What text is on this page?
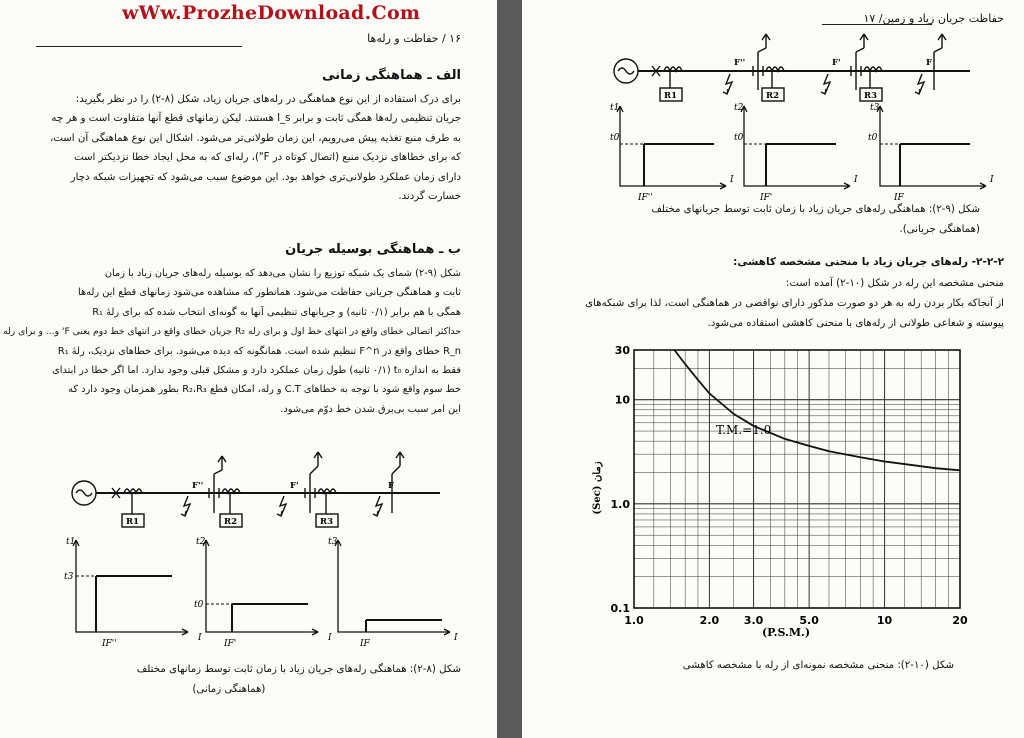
wWw.ProzheDownload.Com
۱۶ / حفاظت و رله‌ها
الف ـ هماهنگی زمانی

برای درک استفاده از این نوع هماهنگی در رله‌های جریان زیاد، شکل (۸-۲) را در نظر بگیرید:

جریان تنظیمی رله‌ها همگی ثابت و برابر I_s هستند. لیکن زمانهای قطع آنها متفاوت است و هر چه

به طرف منبع تغذیه پیش می‌رویم، این زمان طولانی‌تر می‌شود. اشکال این نوع هماهنگی آن است،

که برای خطاهای نزدیک منبع (اتصال کوتاه در F")، رله‌ای که به محل ایجاد خطا نزدیکتر است

دارای زمان عملکرد طولانی‌تری خواهد بود. این موضوع سبب می‌شود که تجهیزات شبکه دچار

خسارت گردند.

ب ـ هماهنگی بوسیله جریان

شکل (۹-۲) شمای یک شبکه توزیع را نشان می‌دهد که بوسیله رله‌های جریان زیاد با زمان

ثابت و هماهنگی جریانی حفاظت می‌شود. همانطور که مشاهده می‌شود زمانهای قطع این رله‌ها

همگی با هم برابر (۰/۱ ثانیه) و جریانهای تنظیمی آنها به گونه‌ای انتخاب شده که برای رلهٔ R₁

حداکثر اتصالی خطای واقع در انتهای خط اول و برای رله R₂ جریان خطای واقع در انتهای خط دوم یعنی F' و... و برای رله

R_n خطای واقع در F^n تنظیم شده است. همانگونه که دیده می‌شود. برای خطاهای نزدیک، رلهٔ R₁

فقط به اندازه t₀ (۰/۱ ثانیه) طول زمان عملکرد دارد و مشکل قبلی وجود ندارد. اما اگر خطا در ابتدای

خط سوم واقع شود با توجه به خطاهای C.T و رله، امکان قطع R₂،R₃ بطور همزمان وجود دارد که

این امر سبب بی‌برق شدن خط دوّم می‌شود.

R1	R2	R3
F''	F'	F
t1	t2	t3
t3
t0
IF''	IF'	IF
I	I	I

شکل (۸-۲): هماهنگی رله‌های جریان زیاد با زمان ثابت توسط زمانهای مختلف

(هماهنگی زمانی)

حفاظت جریان زیاد و زمین/ ۱۷
R1	R2	R3
F''	F'	F
t1	t2	t3
t0	t0	t0
IF''	IF'	IF
I	I	I

شکل (۹-۲): هماهنگی رله‌های جریان زیاد با زمان ثابت توسط جریانهای مختلف

(هماهنگی جریانی).

۲-۲-۲- رله‌های جریان زیاد با منحنی مشخصه کاهشی:

منحنی مشخصه این رله در شکل (۱۰-۲) آمده است:

از آنجاکه بکار بردن رله به هر دو صورت مذکور دارای نواقصی در هماهنگی است، لذا برای شبکه‌های

پیوسته و شعاعی طولانی از رله‌های با منحنی کاهشی استفاده می‌شود.

1.0	2.0 3.0	5.0	10	20
0.1
1.0
10
30
T.M.=1.0
(P.S.M.)
(Sec) زمان
شکل (۱۰-۲): منحنی مشخصه نمونه‌ای از رله با مشخصه کاهشی
